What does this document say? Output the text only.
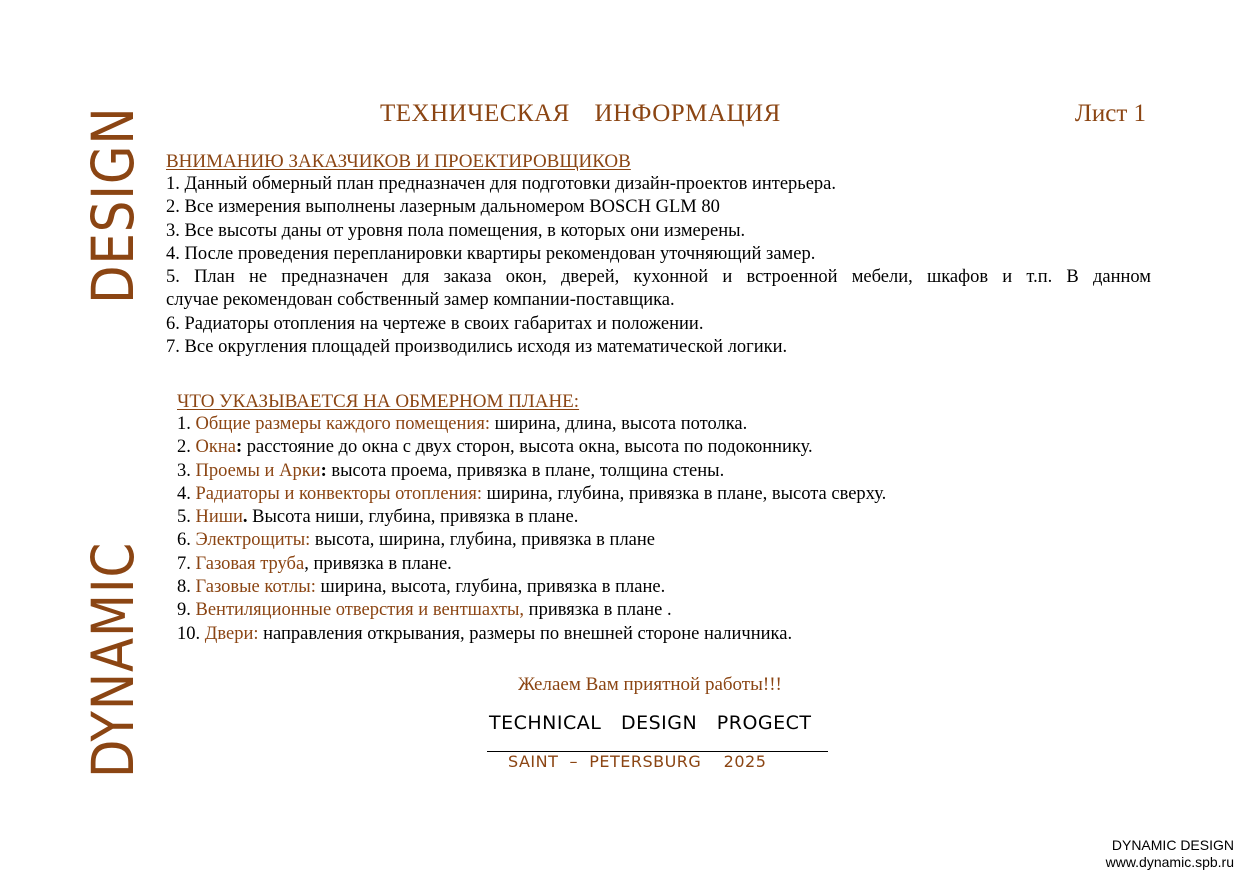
DYNAMIC
DESIGN	ТЕХНИЧЕСКАЯ ИНФОРМАЦИЯ	Лист 1
ВНИМАНИЮ ЗАКАЗЧИКОВ И ПРОЕКТИРОВЩИКОВ
1. Данный обмерный план предназначен для подготовки дизайн-проектов интерьера.
2. Все измерения выполнены лазерным дальномером BOSCH GLM 80
3. Все высоты даны от уровня пола помещения, в которых они измерены.
4. После проведения перепланировки квартиры рекомендован уточняющий замер.
5. План не предназначен для заказа окон, дверей, кухонной и встроенной мебели, шкафов и т.п. В данном
случае рекомендован собственный замер компании-поставщика.
6. Радиаторы отопления на чертеже в своих габаритах и положении.
7. Все округления площадей производились исходя из математической логики.
ЧТО УКАЗЫВАЕТСЯ НА ОБМЕРНОМ ПЛАНЕ:
1. Общие размеры каждого помещения: ширина, длина, высота потолка.
2. Окна: расстояние до окна с двух сторон, высота окна, высота по подоконнику.
3. Проемы и Арки: высота проема, привязка в плане, толщина стены.
4. Радиаторы и конвекторы отопления: ширина, глубина, привязка в плане, высота сверху.
5. Ниши. Высота ниши, глубина, привязка в плане.
6. Электрощиты: высота, ширина, глубина, привязка в плане
7. Газовая труба, привязка в плане.
8. Газовые котлы: ширина, высота, глубина, привязка в плане.
9. Вентиляционные отверстия и вентшахты, привязка в плане .
10. Двери: направления открывания, размеры по внешней стороне наличника.
Желаем Вам приятной работы!!!
TECHNICAL   DESIGN   PROGECT
SAINT  –  PETERSBURG    2025
DYNAMIC DESIGN
www.dynamic.spb.ru
